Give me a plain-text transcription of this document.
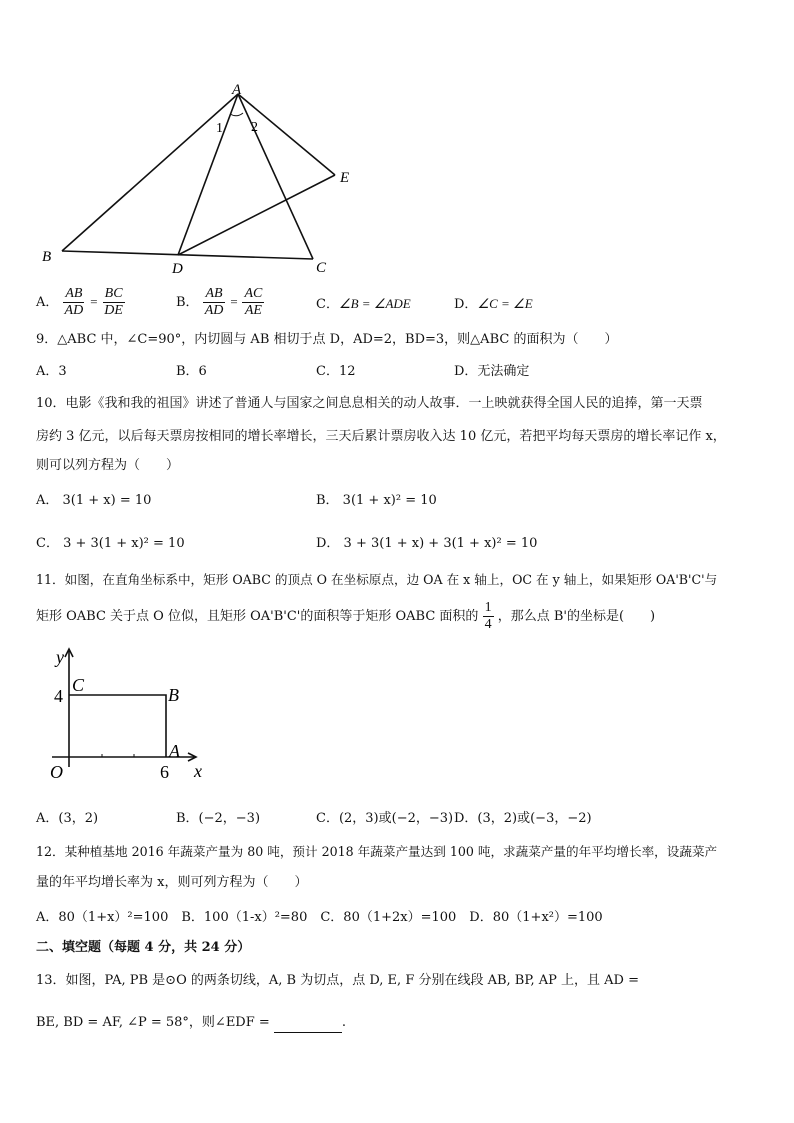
A
B
C
D
E
1 2
A． $\frac{AB}{AD} = \frac{BC}{DE}$	B． $\frac{AB}{AD} = \frac{AC}{AE}$	C．∠B = ∠ADE	D．∠C = ∠E
9．△ABC 中，∠C=90°，内切圆与 AB 相切于点 D，AD=2，BD=3，则△ABC 的面积为（　　）
A．3	B．6	C．12	D．无法确定
10．电影《我和我的祖国》讲述了普通人与国家之间息息相关的动人故事．一上映就获得全国人民的追捧，第一天票
房约 3 亿元，以后每天票房按相同的增长率增长，三天后累计票房收入达 10 亿元，若把平均每天票房的增长率记作 x，
则可以列方程为（　　）
A． 3(1 + x) = 10	B． 3(1 + x)² = 10
C． 3 + 3(1 + x)² = 10	D． 3 + 3(1 + x) + 3(1 + x)² = 10
11．如图，在直角坐标系中，矩形 OABC 的顶点 O 在坐标原点，边 OA 在 x 轴上，OC 在 y 轴上，如果矩形 OA'B'C'与
矩形 OABC 关于点 O 位似，且矩形 OA'B'C'的面积等于矩形 OABC 面积的 $\frac{1}{4}$ ，那么点 B'的坐标是(　　)
y
x
O
C	B
A
4
6
A．(3，2)	B．(−2，−3)	C．(2，3)或(−2，−3) D．(3，2)或(−3，−2)
12．某种植基地 2016 年蔬菜产量为 80 吨，预计 2018 年蔬菜产量达到 100 吨，求蔬菜产量的年平均增长率，设蔬菜产
量的年平均增长率为 x，则可列方程为（　　）
A．80（1+x）²=100　B．100（1-x）²=80　C．80（1+2x）=100　D．80（1+x²）=100
二、填空题（每题 4 分，共 24 分）
13．如图，PA, PB 是⊙O 的两条切线，A, B 为切点，点 D, E, F 分别在线段 AB, BP, AP 上，且 AD =
BE, BD = AF, ∠P = 58°，则∠EDF =	.
